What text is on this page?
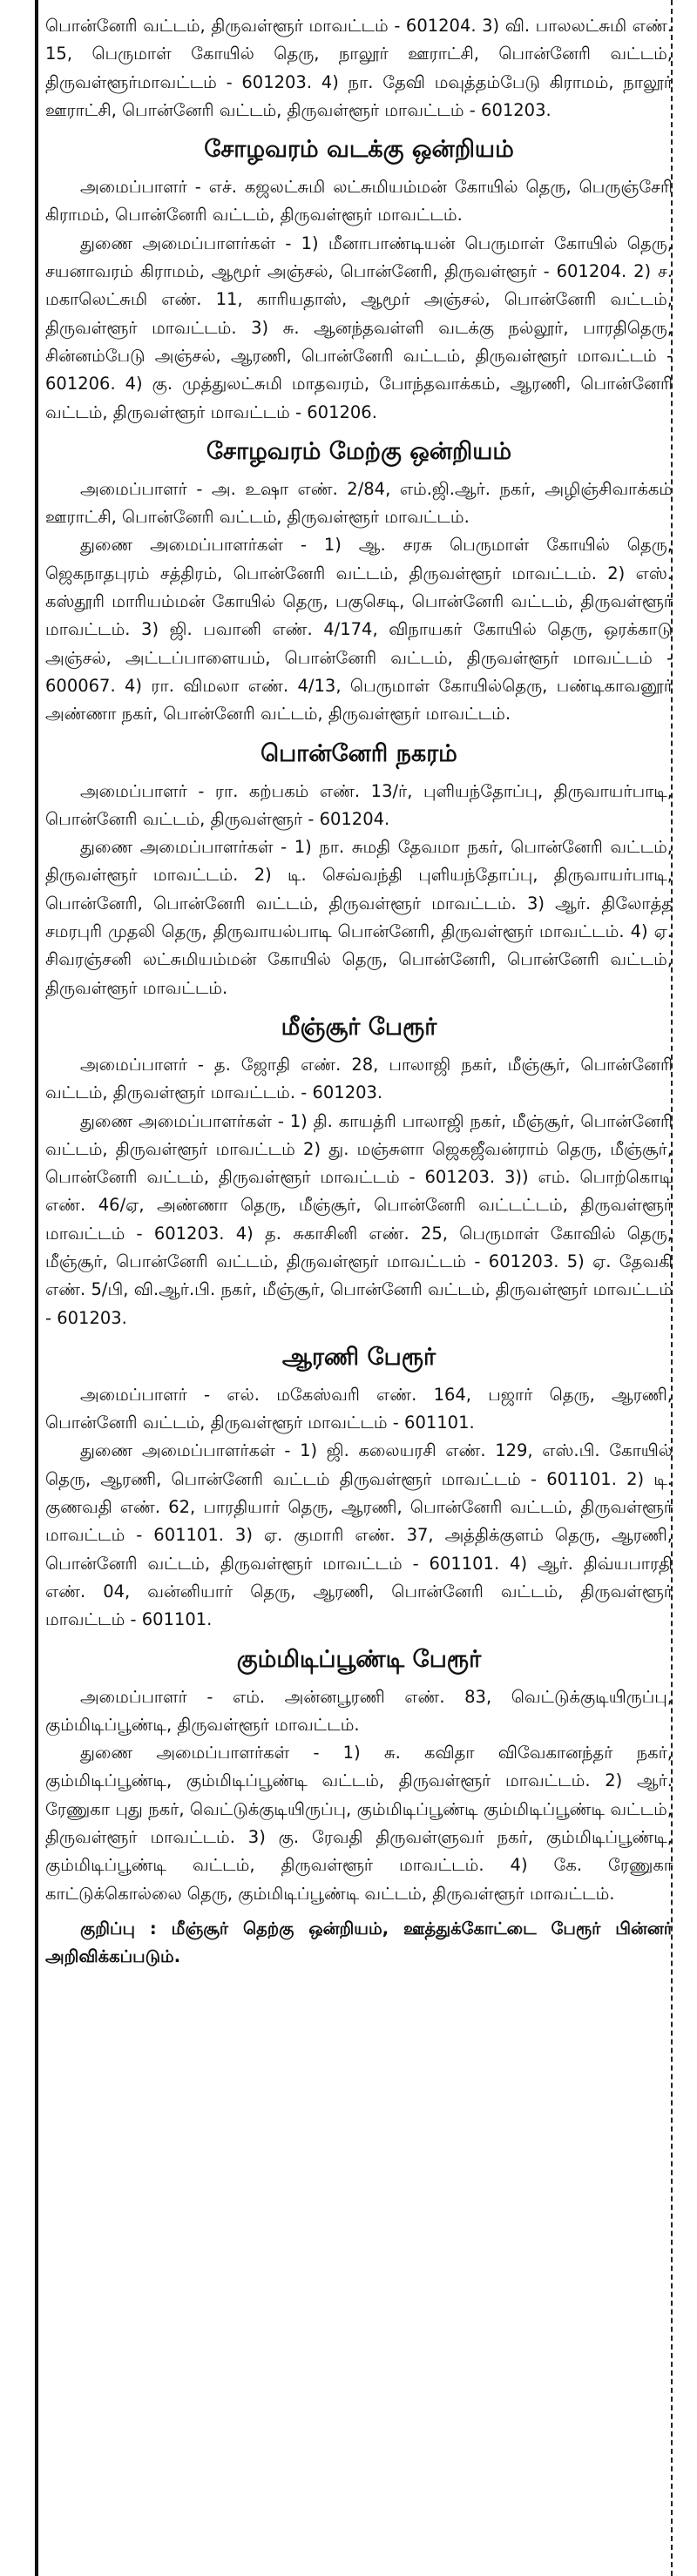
பொன்னேரி வட்டம், திருவள்ளூர் மாவட்டம் - 601204. 3) வி. பாலலட்சுமி எண். 15, பெருமாள் கோயில் தெரு, நாலூர் ஊராட்சி, பொன்னேரி வட்டம், திருவள்ளூர்மாவட்டம் - 601203. 4) நா. தேவி மவுத்தம்பேடு கிராமம், நாலூர் ஊராட்சி, பொன்னேரி வட்டம், திருவள்ளூர் மாவட்டம் - 601203.

சோழவரம் வடக்கு ஒன்றியம்

அமைப்பாளர் - எச். கஜலட்சுமி லட்சுமியம்மன் கோயில் தெரு, பெருஞ்சேரி கிராமம், பொன்னேரி வட்டம், திருவள்ளூர் மாவட்டம்.

துணை அமைப்பாளர்கள் - 1) மீனாபாண்டியன் பெருமாள் கோயில் தெரு, சயனாவரம் கிராமம், ஆமூர் அஞ்சல், பொன்னேரி, திருவள்ளூர் - 601204. 2) ச. மகாலெட்சுமி எண். 11, காரியதாஸ், ஆமூர் அஞ்சல், பொன்னேரி வட்டம், திருவள்ளூர் மாவட்டம். 3) சு. ஆனந்தவள்ளி வடக்கு நல்லூர், பாரதிதெரு, சின்னம்பேடு அஞ்சல், ஆரணி, பொன்னேரி வட்டம், திருவள்ளூர் மாவட்டம் - 601206. 4) கு. முத்துலட்சுமி மாதவரம், போந்தவாக்கம், ஆரணி, பொன்னேரி வட்டம், திருவள்ளூர் மாவட்டம் - 601206.

சோழவரம் மேற்கு ஒன்றியம்

அமைப்பாளர் - அ. உஷா எண். 2/84, எம்.ஜி.ஆர். நகர், அழிஞ்சிவாக்கம் ஊராட்சி, பொன்னேரி வட்டம், திருவள்ளூர் மாவட்டம்.

துணை அமைப்பாளர்கள் - 1) ஆ. சரசு பெருமாள் கோயில் தெரு, ஜெகநாதபுரம் சத்திரம், பொன்னேரி வட்டம், திருவள்ளூர் மாவட்டம். 2) எஸ். கஸ்தூரி மாரியம்மன் கோயில் தெரு, பகுசெடி, பொன்னேரி வட்டம், திருவள்ளூர் மாவட்டம். 3) ஜி. பவானி எண். 4/174, விநாயகர் கோயில் தெரு, ஒரக்காடு அஞ்சல், அட்டப்பாளையம், பொன்னேரி வட்டம், திருவள்ளூர் மாவட்டம் - 600067. 4) ரா. விமலா எண். 4/13, பெருமாள் கோயில்தெரு, பண்டிகாவனூர் அண்ணா நகர், பொன்னேரி வட்டம், திருவள்ளூர் மாவட்டம்.

பொன்னேரி நகரம்

அமைப்பாளர் - ரா. கற்பகம் எண். 13/ர், புளியந்தோப்பு, திருவாயர்பாடி, பொன்னேரி வட்டம், திருவள்ளூர் - 601204.

துணை அமைப்பாளர்கள் - 1) நா. சுமதி தேவமா நகர், பொன்னேரி வட்டம், திருவள்ளூர் மாவட்டம். 2) டி. செவ்வந்தி புளியந்தோப்பு, திருவாயர்பாடி, பொன்னேரி, பொன்னேரி வட்டம், திருவள்ளூர் மாவட்டம். 3) ஆர். திலோத்த சமரபுரி முதலி தெரு, திருவாயல்பாடி பொன்னேரி, திருவள்ளூர் மாவட்டம். 4) ஏ. சிவரஞ்சனி லட்சுமியம்மன் கோயில் தெரு, பொன்னேரி, பொன்னேரி வட்டம், திருவள்ளூர் மாவட்டம்.

மீஞ்சூர் பேரூர்

அமைப்பாளர் - த. ஜோதி எண். 28, பாலாஜி நகர், மீஞ்சூர், பொன்னேரி வட்டம், திருவள்ளூர் மாவட்டம். - 601203.

துணை அமைப்பாளர்கள் - 1) தி. காயத்ரி பாலாஜி நகர், மீஞ்சூர், பொன்னேரி வட்டம், திருவள்ளூர் மாவட்டம் 2) து. மஞ்சுளா ஜெகஜீவன்ராம் தெரு, மீஞ்சூர், பொன்னேரி வட்டம், திருவள்ளூர் மாவட்டம் - 601203. 3)) எம். பொற்கொடி எண். 46/ஏ, அண்ணா தெரு, மீஞ்சூர், பொன்னேரி வட்டட்டம், திருவள்ளூர் மாவட்டம் - 601203. 4) த. சுகாசினி எண். 25, பெருமாள் கோவில் தெரு, மீஞ்சூர், பொன்னேரி வட்டம், திருவள்ளூர் மாவட்டம் - 601203. 5) ஏ. தேவகி எண். 5/பி, வி.ஆர்.பி. நகர், மீஞ்சூர், பொன்னேரி வட்டம், திருவள்ளூர் மாவட்டம் - 601203.

ஆரணி பேரூர்

அமைப்பாளர் - எல். மகேஸ்வரி எண். 164, பஜார் தெரு, ஆரணி, பொன்னேரி வட்டம், திருவள்ளூர் மாவட்டம் - 601101.

துணை அமைப்பாளர்கள் - 1) ஜி. கலையரசி எண். 129, எஸ்.பி. கோயில் தெரு, ஆரணி, பொன்னேரி வட்டம் திருவள்ளூர் மாவட்டம் - 601101. 2) டி. குணவதி எண். 62, பாரதியார் தெரு, ஆரணி, பொன்னேரி வட்டம், திருவள்ளூர் மாவட்டம் - 601101. 3) ஏ. குமாரி எண். 37, அத்திக்குளம் தெரு, ஆரணி, பொன்னேரி வட்டம், திருவள்ளூர் மாவட்டம் - 601101. 4) ஆர். திவ்யபாரதி எண். 04, வன்னியார் தெரு, ஆரணி, பொன்னேரி வட்டம், திருவள்ளூர் மாவட்டம் - 601101.

கும்மிடிப்பூண்டி பேரூர்

அமைப்பாளர் - எம். அன்னபூரணி எண். 83, வெட்டுக்குடியிருப்பு, கும்மிடிப்பூண்டி, திருவள்ளூர் மாவட்டம்.

துணை அமைப்பாளர்கள் - 1) சு. கவிதா விவேகானந்தர் நகர், கும்மிடிப்பூண்டி, கும்மிடிப்பூண்டி வட்டம், திருவள்ளூர் மாவட்டம். 2) ஆர். ரேணுகா புது நகர், வெட்டுக்குடியிருப்பு, கும்மிடிப்பூண்டி கும்மிடிப்பூண்டி வட்டம், திருவள்ளூர் மாவட்டம். 3) கு. ரேவதி திருவள்ளுவர் நகர், கும்மிடிப்பூண்டி, கும்மிடிப்பூண்டி வட்டம், திருவள்ளூர் மாவட்டம். 4) கே. ரேணுகா காட்டுக்கொல்லை தெரு, கும்மிடிப்பூண்டி வட்டம், திருவள்ளூர் மாவட்டம்.

குறிப்பு : மீஞ்சூர் தெற்கு ஒன்றியம், ஊத்துக்கோட்டை பேரூர் பின்னர் அறிவிக்கப்படும்.
